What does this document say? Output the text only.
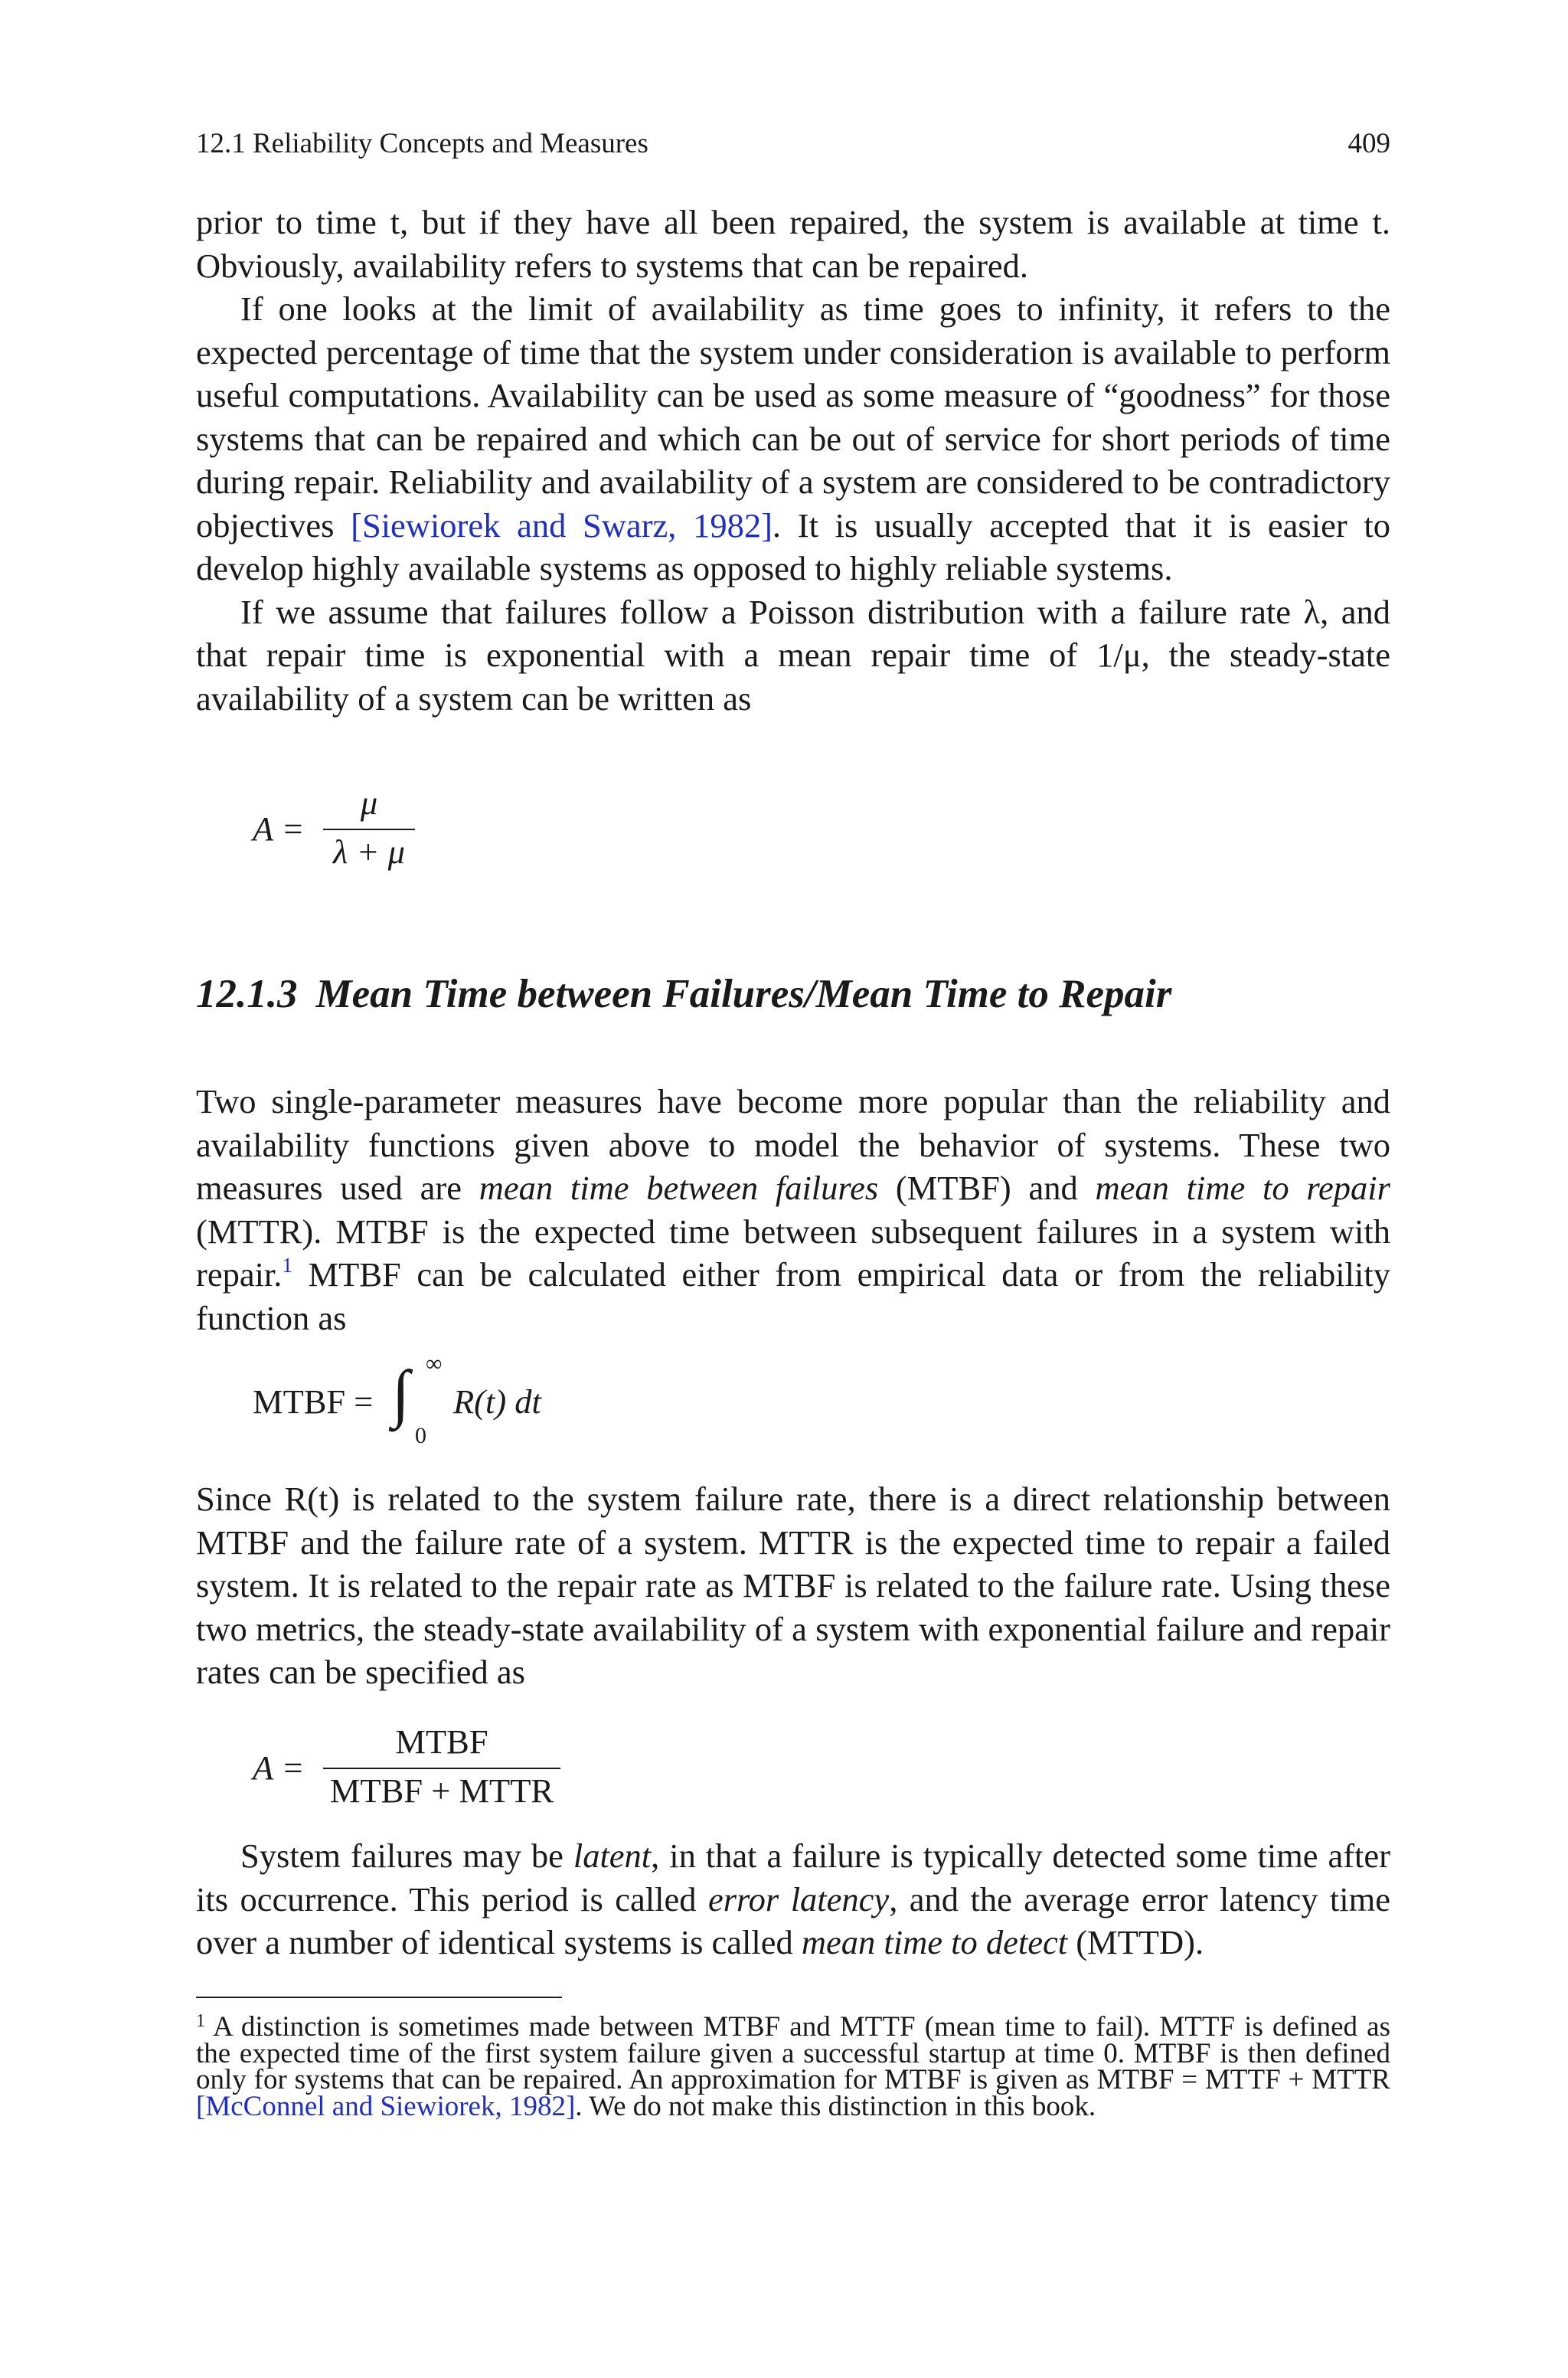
12.1 Reliability Concepts and Measures	409

prior to time t, but if they have all been repaired, the system is available at time t. Obviously, availability refers to systems that can be repaired.

If one looks at the limit of availability as time goes to infinity, it refers to the expected percentage of time that the system under consideration is available to perform useful computations. Availability can be used as some measure of “goodness” for those systems that can be repaired and which can be out of service for short periods of time during repair. Reliability and availability of a system are considered to be contradictory objectives [Siewiorek and Swarz, 1982]. It is usually accepted that it is easier to develop highly available systems as opposed to highly reliable systems.

If we assume that failures follow a Poisson distribution with a failure rate λ, and that repair time is exponential with a mean repair time of 1/μ, the steady-state availability of a system can be written as

A =
μ
λ + μ
12.1.3 Mean Time between Failures/Mean Time to Repair

Two single-parameter measures have become more popular than the reliability and availability functions given above to model the behavior of systems. These two measures used are mean time between failures (MTBF) and mean time to repair (MTTR). MTBF is the expected time between subsequent failures in a system with repair.$^1$ MTBF can be calculated either from empirical data or from the reliability function as

MTBF = ∫ ∞
0
R(t) dt

Since R(t) is related to the system failure rate, there is a direct relationship between MTBF and the failure rate of a system. MTTR is the expected time to repair a failed system. It is related to the repair rate as MTBF is related to the failure rate. Using these two metrics, the steady-state availability of a system with exponential failure and repair rates can be specified as

A =
MTBF
MTBF + MTTR

System failures may be latent, in that a failure is typically detected some time after its occurrence. This period is called error latency, and the average error latency time over a number of identical systems is called mean time to detect (MTTD).

$^1$ A distinction is sometimes made between MTBF and MTTF (mean time to fail). MTTF is defined as the expected time of the first system failure given a successful startup at time 0. MTBF is then defined only for systems that can be repaired. An approximation for MTBF is given as MTBF = MTTF + MTTR [McConnel and Siewiorek, 1982]. We do not make this distinction in this book.
